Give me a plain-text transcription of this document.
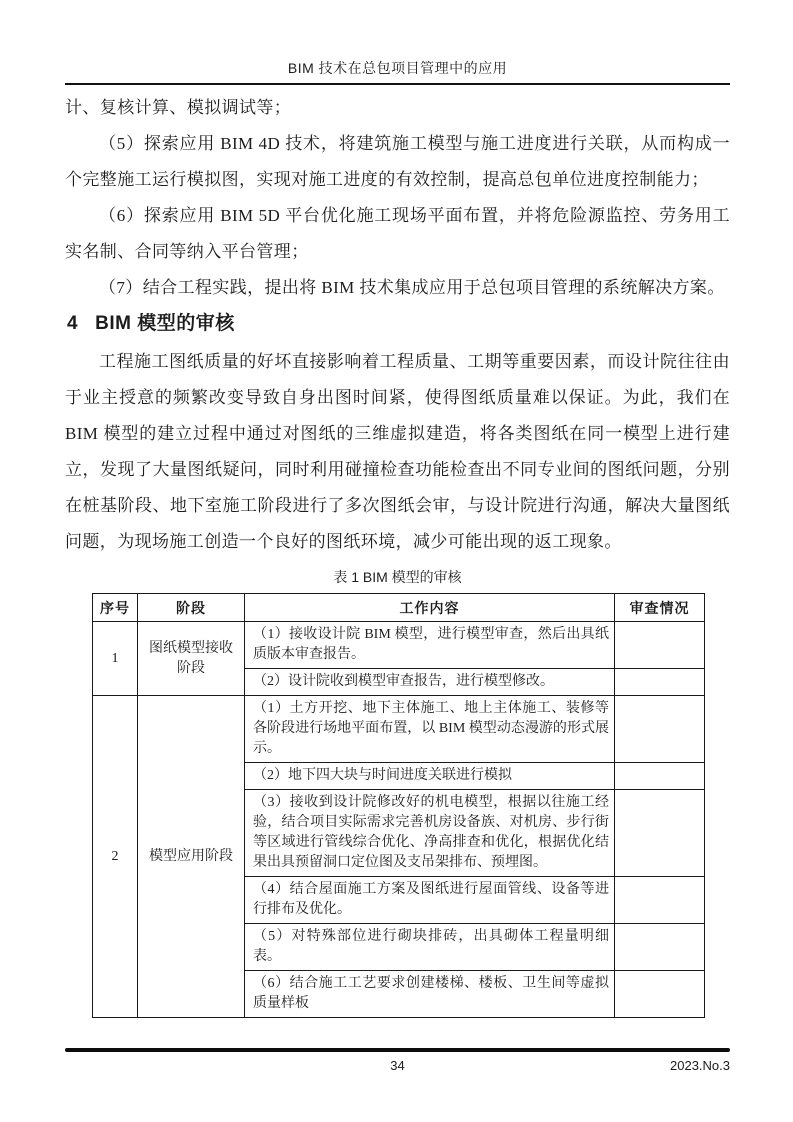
BIM 技术在总包项目管理中的应用
计、复核计算、模拟调试等；
（5）探索应用 BIM 4D 技术，将建筑施工模型与施工进度进行关联，从而构成一个完整施工运行模拟图，实现对施工进度的有效控制，提高总包单位进度控制能力；
（6）探索应用 BIM 5D 平台优化施工现场平面布置，并将危险源监控、劳务用工实名制、合同等纳入平台管理；
（7）结合工程实践，提出将 BIM 技术集成应用于总包项目管理的系统解决方案。
4 BIM 模型的审核
工程施工图纸质量的好坏直接影响着工程质量、工期等重要因素，而设计院往往由于业主授意的频繁改变导致自身出图时间紧，使得图纸质量难以保证。为此，我们在 BIM 模型的建立过程中通过对图纸的三维虚拟建造，将各类图纸在同一模型上进行建立，发现了大量图纸疑问，同时利用碰撞检查功能检查出不同专业间的图纸问题，分别在桩基阶段、地下室施工阶段进行了多次图纸会审，与设计院进行沟通，解决大量图纸问题，为现场施工创造一个良好的图纸环境，减少可能出现的返工现象。
表 1 BIM 模型的审核
序号	阶段	工作内容	审查情况
1	图纸模型接收阶段	（1）接收设计院 BIM 模型，进行模型审查，然后出具纸质版本审查报告。	
		（2）设计院收到模型审查报告，进行模型修改。	
2	模型应用阶段	（1）土方开挖、地下主体施工、地上主体施工、装修等各阶段进行场地平面布置，以 BIM 模型动态漫游的形式展示。	
		（2）地下四大块与时间进度关联进行模拟	
		（3）接收到设计院修改好的机电模型，根据以往施工经验，结合项目实际需求完善机房设备族、对机房、步行街等区域进行管线综合优化、净高排查和优化，根据优化结果出具预留洞口定位图及支吊架排布、预埋图。	
		（4）结合屋面施工方案及图纸进行屋面管线、设备等进行排布及优化。	
		（5）对特殊部位进行砌块排砖，出具砌体工程量明细表。	
		（6）结合施工工艺要求创建楼梯、楼板、卫生间等虚拟质量样板	
34	2023.No.3
